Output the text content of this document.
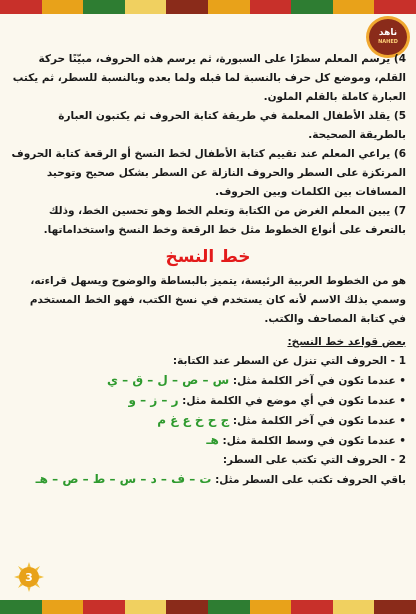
ناهد
NAHED

4) يرسم المعلم سطرًا على السبورة، ثم يرسم هذه الحروف، مبيّنًا حركة القلم، وموضع كل حرف بالنسبة لما قبله ولما بعده وبالنسبة للسطر، ثم يكتب العبارة كاملة بالقلم الملون.

5) يقلد الأطفال المعلمة في طريقة كتابة الحروف ثم يكتبون العبارة بالطريقة الصحيحة.

6) يراعي المعلم عند تقييم كتابة الأطفال لخط النسخ أو الرقعة كتابة الحروف المرتكزة على السطر والحروف النازلة عن السطر بشكل صحيح وتوحيد المسافات بين الكلمات وبين الحروف.

7) يبين المعلم الغرض من الكتابة وتعلم الخط وهو تحسين الخط، وذلك بالتعرف على أنواع الخطوط مثل خط الرقعة وخط النسخ واستخداماتها.

خط النسخ

هو من الخطوط العربية الرئيسة، يتميز بالبساطة والوضوح ويسهل قراءته، وسمي بذلك الاسم لأنه كان يستخدم في نسخ الكتب، فهو الخط المستخدم في كتابة المصاحف والكتب.

بعض قواعد خط النسخ:

1 - الحروف التي تنزل عن السطر عند الكتابة:

• عندما تكون في آخر الكلمة مثل: س – ص – ل – ق – ي

• عندما تكون في أي موضع في الكلمة مثل: ر – ز – و

• عندما تكون في آخر الكلمة مثل: ج ح خ ع غ م

• عندما تكون في وسط الكلمة مثل: هـ

2 - الحروف التي تكتب على السطر:

باقي الحروف تكتب على السطر مثل: ت – ف – د – س – ط – ص – هـ

3
